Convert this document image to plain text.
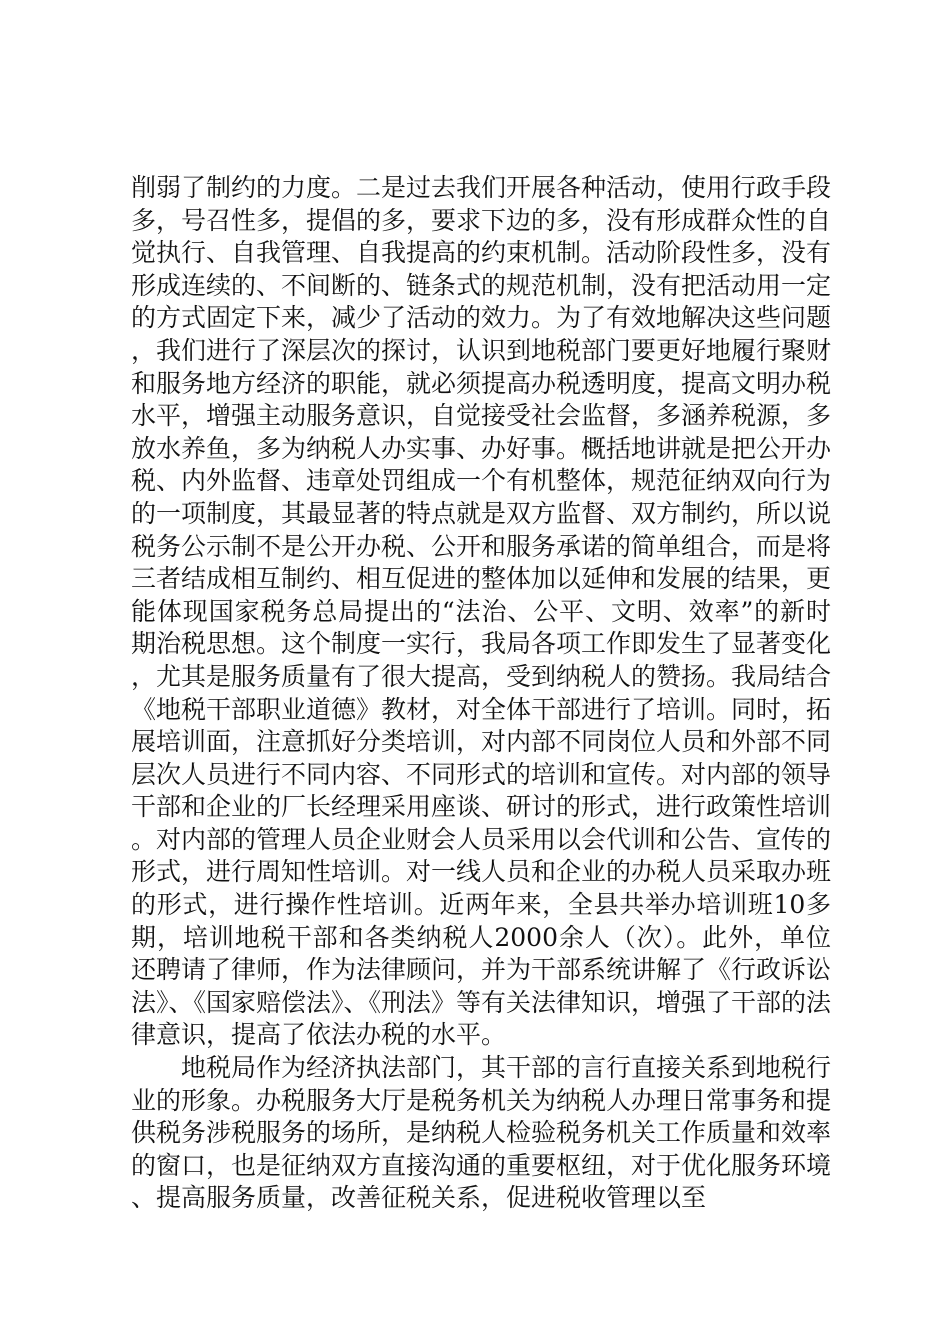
削弱了制约的力度。二是过去我们开展各种活动，使用行政手段多，号召性多，提倡的多，要求下边的多，没有形成群众性的自觉执行、自我管理、自我提高的约束机制。活动阶段性多，没有形成连续的、不间断的、链条式的规范机制，没有把活动用一定的方式固定下来，减少了活动的效力。为了有效地解决这些问题，我们进行了深层次的探讨，认识到地税部门要更好地履行聚财和服务地方经济的职能，就必须提高办税透明度，提高文明办税水平，增强主动服务意识，自觉接受社会监督，多涵养税源，多放水养鱼，多为纳税人办实事、办好事。概括地讲就是把公开办税、内外监督、违章处罚组成一个有机整体，规范征纳双向行为的一项制度，其最显著的特点就是双方监督、双方制约，所以说税务公示制不是公开办税、公开和服务承诺的简单组合，而是将三者结成相互制约、相互促进的整体加以延伸和发展的结果，更能体现国家税务总局提出的“法治、公平、文明、效率”的新时期治税思想。这个制度一实行，我局各项工作即发生了显著变化，尤其是服务质量有了很大提高，受到纳税人的赞扬。我局结合《地税干部职业道德》教材，对全体干部进行了培训。同时，拓展培训面，注意抓好分类培训，对内部不同岗位人员和外部不同层次人员进行不同内容、不同形式的培训和宣传。对内部的领导干部和企业的厂长经理采用座谈、研讨的形式，进行政策性培训。对内部的管理人员企业财会人员采用以会代训和公告、宣传的形式，进行周知性培训。对一线人员和企业的办税人员采取办班的形式，进行操作性培训。近两年来，全县共举办培训班10多期，培训地税干部和各类纳税人2000余人（次）。此外，单位还聘请了律师，作为法律顾问，并为干部系统讲解了《行政诉讼法》、《国家赔偿法》、《刑法》等有关法律知识，增强了干部的法律意识，提高了依法办税的水平。

地税局作为经济执法部门，其干部的言行直接关系到地税行业的形象。办税服务大厅是税务机关为纳税人办理日常事务和提供税务涉税服务的场所，是纳税人检验税务机关工作质量和效率的窗口，也是征纳双方直接沟通的重要枢纽，对于优化服务环境、提高服务质量，改善征税关系，促进税收管理以至
